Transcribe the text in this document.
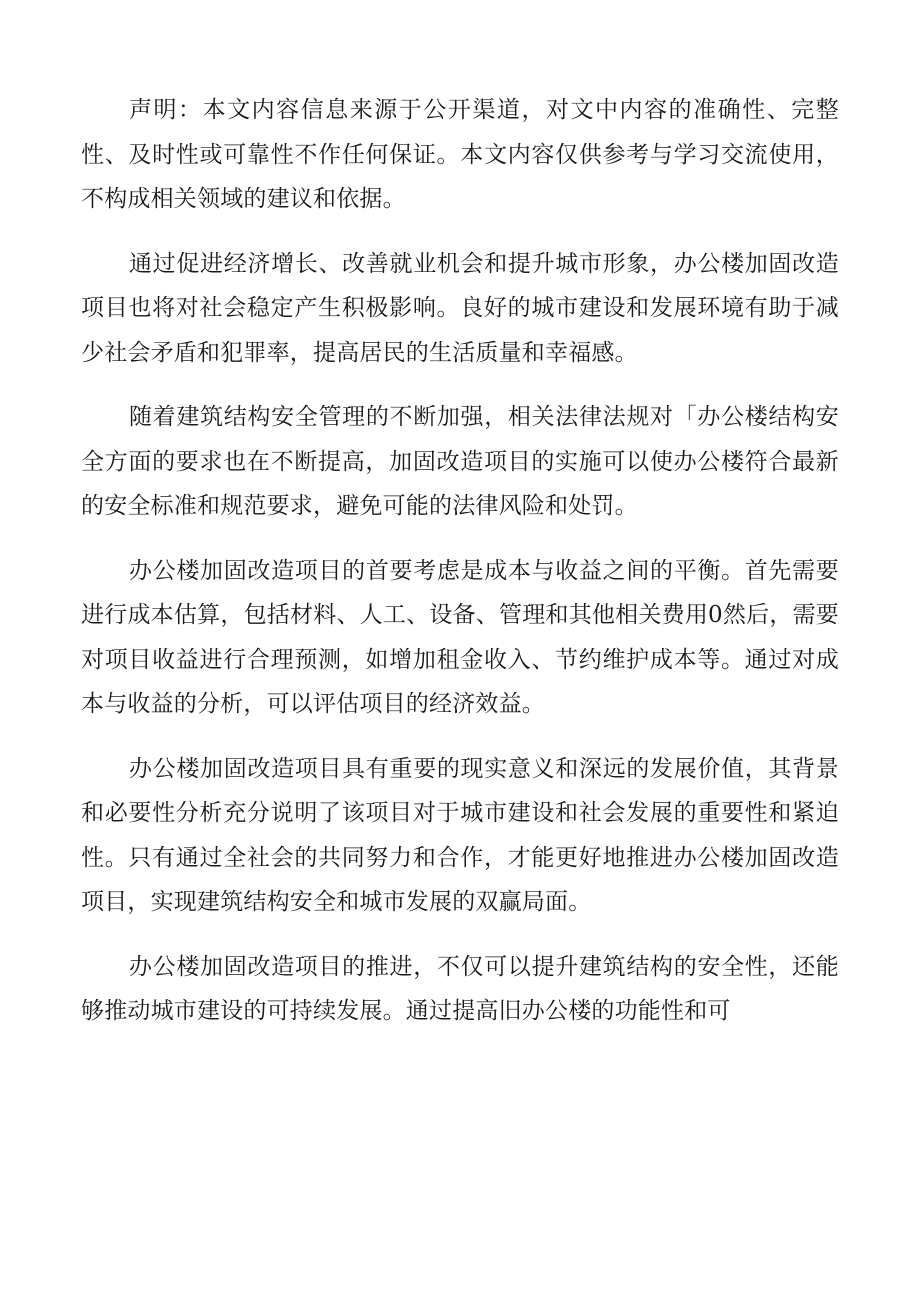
声明：本文内容信息来源于公开渠道，对文中内容的准确性、完整性、及时性或可靠性不作任何保证。本文内容仅供参考与学习交流使用，不构成相关领域的建议和依据。

通过促进经济增长、改善就业机会和提升城市形象，办公楼加固改造项目也将对社会稳定产生积极影响。良好的城市建设和发展环境有助于减少社会矛盾和犯罪率，提高居民的生活质量和幸福感。

随着建筑结构安全管理的不断加强，相关法律法规对「办公楼结构安全方面的要求也在不断提高，加固改造项目的实施可以使办公楼符合最新的安全标准和规范要求，避免可能的法律风险和处罚。

办公楼加固改造项目的首要考虑是成本与收益之间的平衡。首先需要进行成本估算，包括材料、人工、设备、管理和其他相关费用0然后，需要对项目收益进行合理预测，如增加租金收入、节约维护成本等。通过对成本与收益的分析，可以评估项目的经济效益。

办公楼加固改造项目具有重要的现实意义和深远的发展价值，其背景和必要性分析充分说明了该项目对于城市建设和社会发展的重要性和紧迫性。只有通过全社会的共同努力和合作，才能更好地推进办公楼加固改造项目，实现建筑结构安全和城市发展的双赢局面。

办公楼加固改造项目的推进，不仅可以提升建筑结构的安全性，还能够推动城市建设的可持续发展。通过提高旧办公楼的功能性和可
